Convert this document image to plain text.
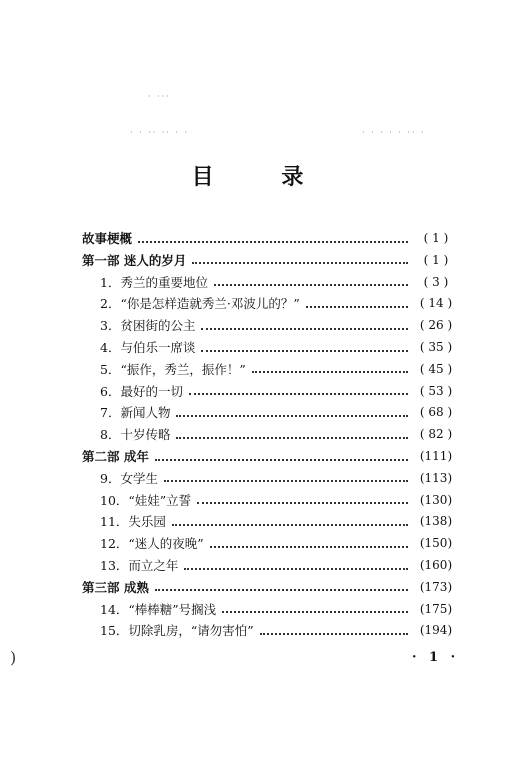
· ···
· · ·· ·· · ·	· · · · · ·· ·
目 录
故事梗概	( 1 )
第一部 迷人的岁月	( 1 )
1．秀兰的重要地位	( 3 )
2．“你是怎样造就秀兰·邓波儿的？”	( 14 )
3．贫困街的公主	( 26 )
4．与伯乐一席谈	( 35 )
5．“振作，秀兰，振作！”	( 45 )
6．最好的一切	( 53 )
7．新闻人物	( 68 )
8．十岁传略	( 82 )
第二部 成年	(111)
9．女学生	(113)
10．“娃娃”立誓	(130)
11．失乐园	(138)
12．“迷人的夜晚”	(150)
13．而立之年	(160)
第三部 成熟	(173)
14．“棒棒糖”号搁浅	(175)
15．切除乳房，“请勿害怕”	(194)
)	· 1 ·
